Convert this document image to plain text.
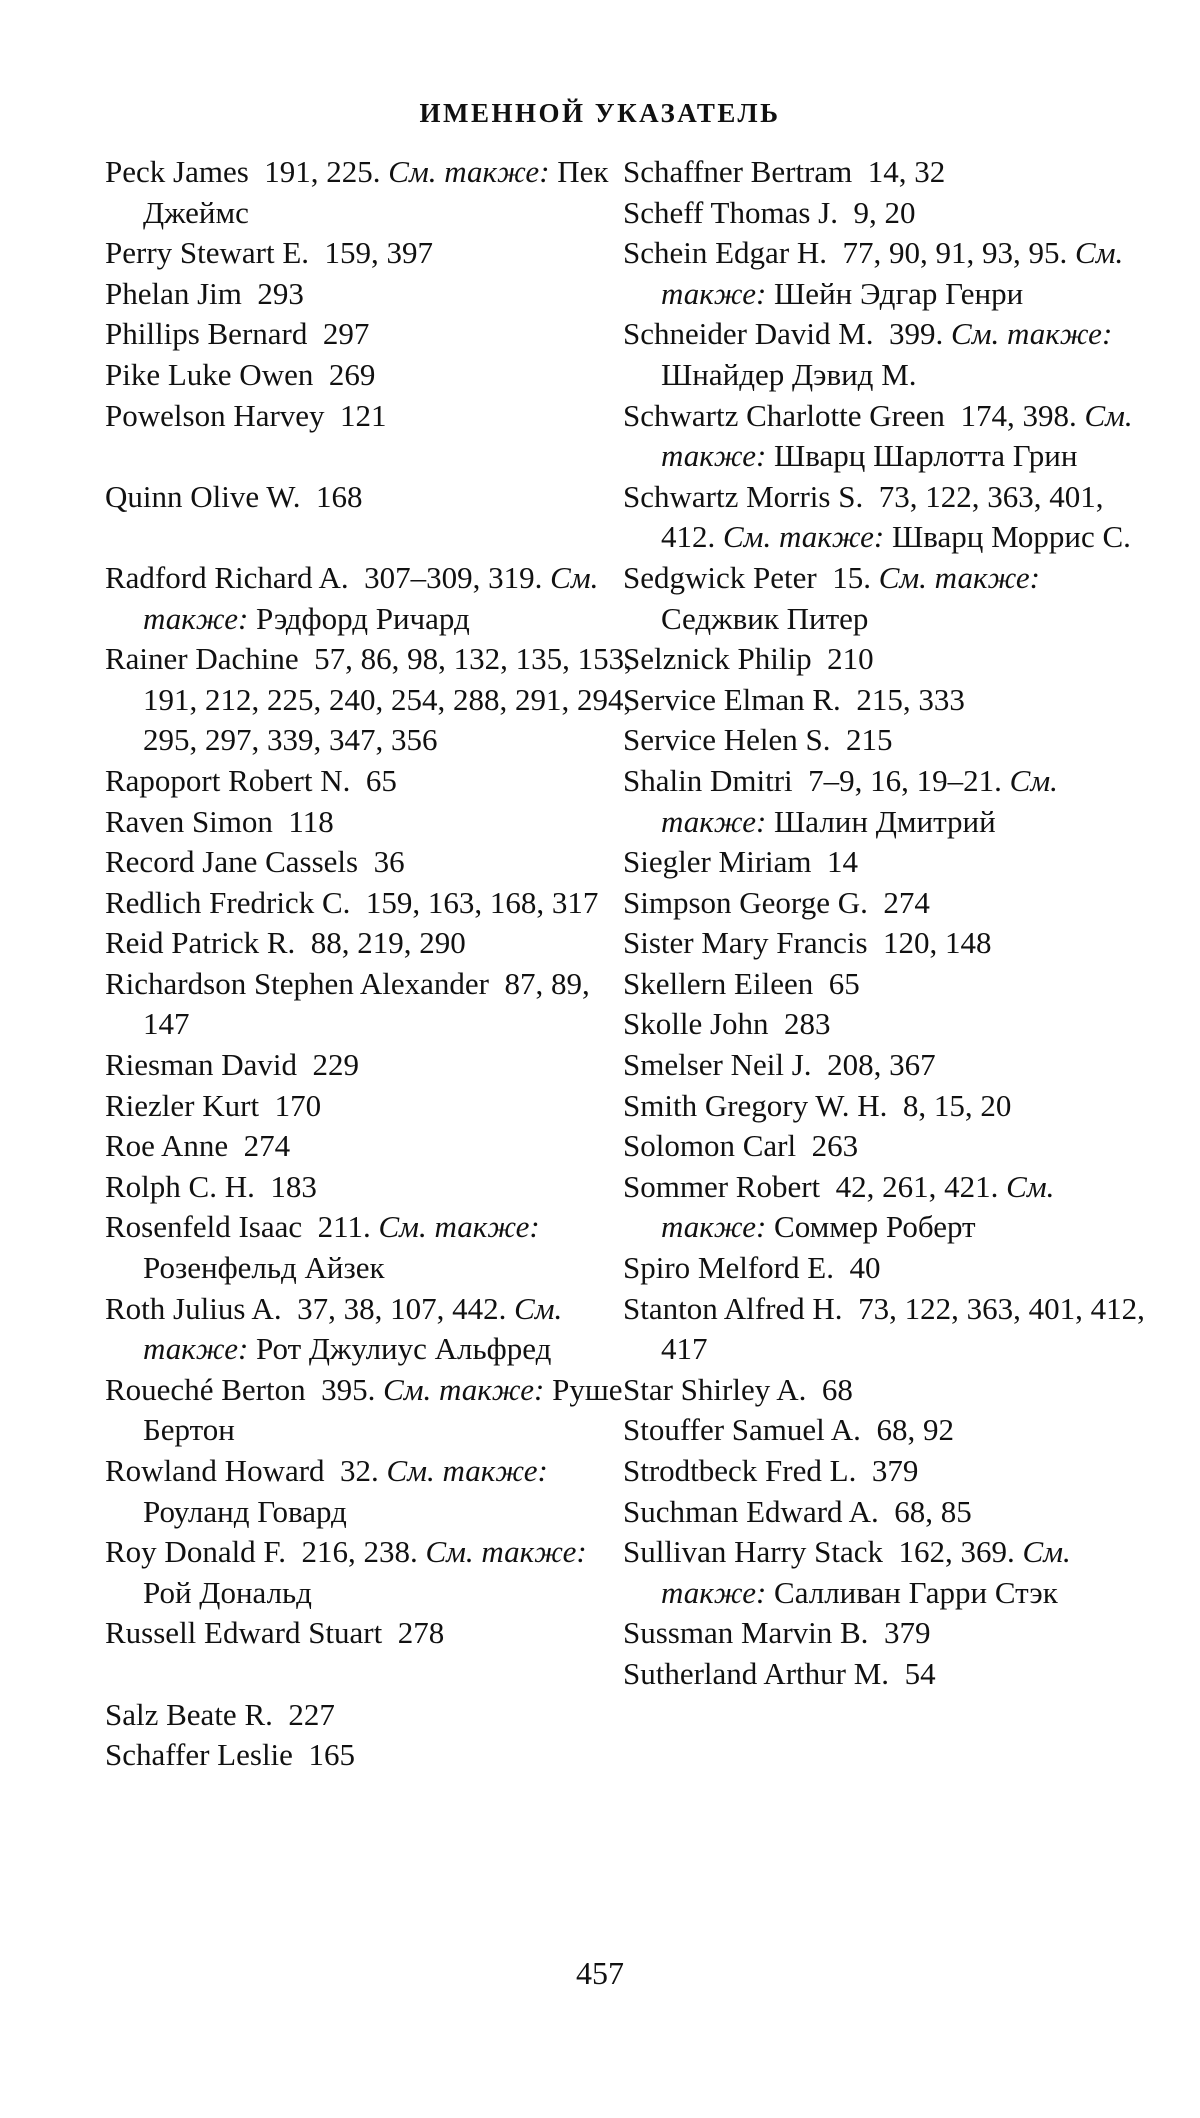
ИМЕННОЙ УКАЗАТЕЛЬ
Peck James  191, 225. См. также: Пек Джеймс
Perry Stewart E.  159, 397
Phelan Jim  293
Phillips Bernard  297
Pike Luke Owen  269
Powelson Harvey  121
Quinn Olive W.  168
Radford Richard A.  307–309, 319. См. также: Рэдфорд Ричард
Rainer Dachine  57, 86, 98, 132, 135, 153, 191, 212, 225, 240, 254, 288, 291, 294, 295, 297, 339, 347, 356
Rapoport Robert N.  65
Raven Simon  118
Record Jane Cassels  36
Redlich Fredrick C.  159, 163, 168, 317
Reid Patrick R.  88, 219, 290
Richardson Stephen Alexander  87, 89, 147
Riesman David  229
Riezler Kurt  170
Roe Anne  274
Rolph C. H.  183
Rosenfeld Isaac  211. См. также: Розенфельд Айзек
Roth Julius A.  37, 38, 107, 442. См. также: Рот Джулиус Альфред
Roueché Berton  395. См. также: Руше Бертон
Rowland Howard  32. См. также: Роуланд Говард
Roy Donald F.  216, 238. См. также: Рой Дональд
Russell Edward Stuart  278
Salz Beate R.  227
Schaffer Leslie  165
Schaffner Bertram  14, 32
Scheff Thomas J.  9, 20
Schein Edgar H.  77, 90, 91, 93, 95. См. также: Шейн Эдгар Генри
Schneider David M.  399. См. также: Шнайдер Дэвид М.
Schwartz Charlotte Green  174, 398. См. также: Шварц Шарлотта Грин
Schwartz Morris S.  73, 122, 363, 401, 412. См. также: Шварц Моррис С.
Sedgwick Peter  15. См. также: Седжвик Питер
Selznick Philip  210
Service Elman R.  215, 333
Service Helen S.  215
Shalin Dmitri  7–9, 16, 19–21. См. также: Шалин Дмитрий
Siegler Miriam  14
Simpson George G.  274
Sister Mary Francis  120, 148
Skellern Eileen  65
Skolle John  283
Smelser Neil J.  208, 367
Smith Gregory W. H.  8, 15, 20
Solomon Carl  263
Sommer Robert  42, 261, 421. См. также: Соммер Роберт
Spiro Melford E.  40
Stanton Alfred H.  73, 122, 363, 401, 412, 417
Star Shirley A.  68
Stouffer Samuel A.  68, 92
Strodtbeck Fred L.  379
Suchman Edward A.  68, 85
Sullivan Harry Stack  162, 369. См. также: Салливан Гарри Стэк
Sussman Marvin B.  379
Sutherland Arthur M.  54
457
